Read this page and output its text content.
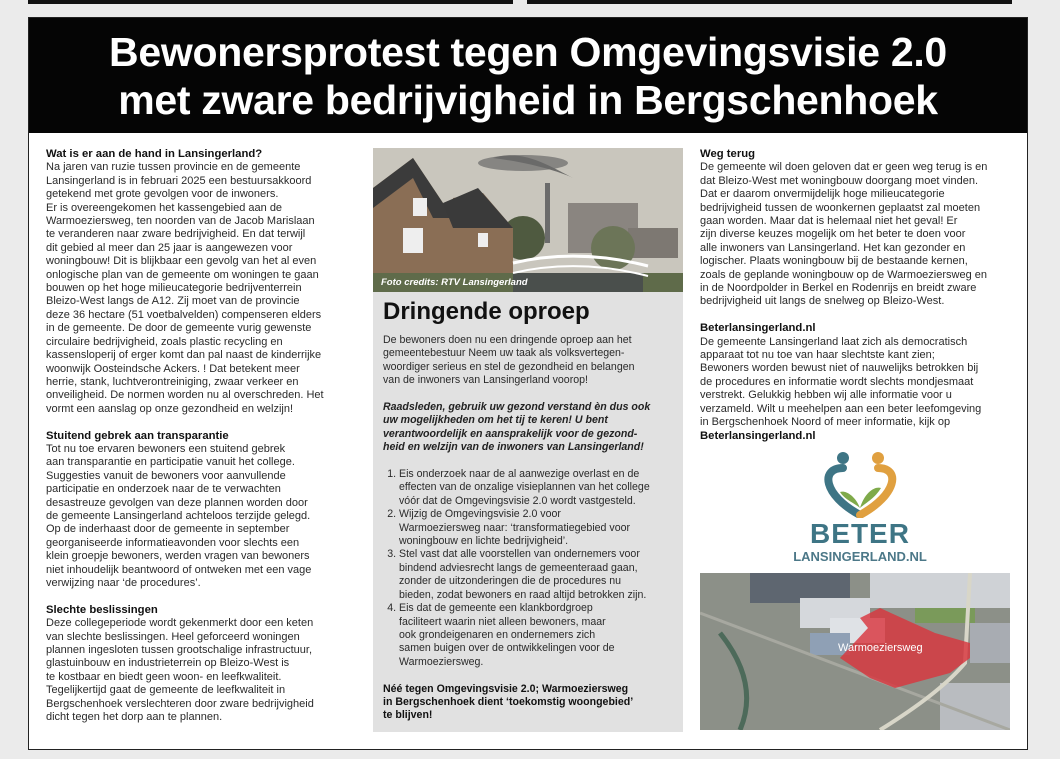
Bewonersprotest tegen Omgevingsvisie 2.0
met zware bedrijvigheid in Bergschenhoek
Wat is er aan de hand in Lansingerland?

Na jaren van ruzie tussen provincie en de gemeente
Lansingerland is in februari 2025 een bestuursakkoord
getekend met grote gevolgen voor de inwoners.
Er is overeengekomen het kassengebied aan de
Warmoeziersweg, ten noorden van de Jacob Marislaan
te veranderen naar zware bedrijvigheid. En dat terwijl
dit gebied al meer dan 25 jaar is aangewezen voor
woningbouw! Dit is blijkbaar een gevolg van het al even
onlogische plan van de gemeente om woningen te gaan
bouwen op het hoge milieucategorie bedrijventerrein
Bleizo-West langs de A12. Zij moet van de provincie
deze 36 hectare (51 voetbalvelden) compenseren elders
in de gemeente. De door de gemeente vurig gewenste
circulaire bedrijvigheid, zoals plastic recycling en
kassensloperij of erger komt dan pal naast de kinderrijke
woonwijk Oosteindsche Ackers. ! Dat betekent meer
herrie, stank, luchtverontreiniging, zwaar verkeer en
onveiligheid. De normen worden nu al overschreden. Het
vormt een aanslag op onze gezondheid en welzijn!

Stuitend gebrek aan transparantie

Tot nu toe ervaren bewoners een stuitend gebrek
aan transparantie en participatie vanuit het college.
Suggesties vanuit de bewoners voor aanvullende
participatie en onderzoek naar de te verwachten
desastreuze gevolgen van deze plannen worden door
de gemeente Lansingerland achteloos terzijde gelegd.
Op de inderhaast door de gemeente in september
georganiseerde informatieavonden voor slechts een
klein groepje bewoners, werden vragen van bewoners
niet inhoudelijk beantwoord of ontweken met een vage
verwijzing naar ‘de procedures’.

Slechte beslissingen

Deze collegeperiode wordt gekenmerkt door een keten
van slechte beslissingen. Heel geforceerd woningen
plannen ingesloten tussen grootschalige infrastructuur,
glastuinbouw en industrieterrein op Bleizo-West is
te kostbaar en biedt geen woon- en leefkwaliteit.
Tegelijkertijd gaat de gemeente de leefkwaliteit in
Bergschenhoek verslechteren door zware bedrijvigheid
dicht tegen het dorp aan te plannen.

Foto credits: RTV Lansingerland
Dringende oproep

De bewoners doen nu een dringende oproep aan het
gemeentebestuur Neem uw taak als volksvertegen-
woordiger serieus en stel de gezondheid en belangen
van de inwoners van Lansingerland voorop!

Raadsleden, gebruik uw gezond verstand èn dus ook
uw mogelijkheden om het tij te keren! U bent
verantwoordelijk en aansprakelijk voor de gezond-
heid en welzijn van de inwoners van Lansingerland!

1. Eis onderzoek naar de al aanwezige overlast en de
effecten van de onzalige visieplannen van het college
vóór dat de Omgevingsvisie 2.0 wordt vastgesteld.
2. Wijzig de Omgevingsvisie 2.0 voor
Warmoeziersweg naar: ‘transformatiegebied voor
woningbouw en lichte bedrijvigheid’.
3. Stel vast dat alle voorstellen van ondernemers voor
bindend adviesrecht langs de gemeenteraad gaan,
zonder de uitzonderingen die de procedures nu
bieden, zodat bewoners en raad altijd betrokken zijn.
4. Eis dat de gemeente een klankbordgroep
faciliteert waarin niet alleen bewoners, maar
ook grondeigenaren en ondernemers zich
samen buigen over de ontwikkelingen voor de
Warmoeziersweg.

Néé tegen Omgevingsvisie 2.0; Warmoeziersweg
in Bergschenhoek dient ‘toekomstig woongebied’
te blijven!

Weg terug

De gemeente wil doen geloven dat er geen weg terug is en
dat Bleizo-West met woningbouw doorgang moet vinden.
Dat er daarom onvermijdelijk hoge milieucategorie
bedrijvigheid tussen de woonkernen geplaatst zal moeten
gaan worden. Maar dat is helemaal niet het geval! Er
zijn diverse keuzes mogelijk om het beter te doen voor
alle inwoners van Lansingerland. Het kan gezonder en
logischer. Plaats woningbouw bij de bestaande kernen,
zoals de geplande woningbouw op de Warmoeziersweg en
in de Noordpolder in Berkel en Rodenrijs en breidt zware
bedrijvigheid uit langs de snelweg op Bleizo-West.

Beterlansingerland.nl

De gemeente Lansingerland laat zich als democratisch
apparaat tot nu toe van haar slechtste kant zien;
Bewoners worden bewust niet of nauwelijks betrokken bij
de procedures en informatie wordt slechts mondjesmaat
verstrekt. Gelukkig hebben wij alle informatie voor u
verzameld. Wilt u meehelpen aan een beter leefomgeving
in Bergschenhoek Noord of meer informatie, kijk op

Beterlansingerland.nl
BETER
LANSINGERLAND.NL
Warmoeziersweg
